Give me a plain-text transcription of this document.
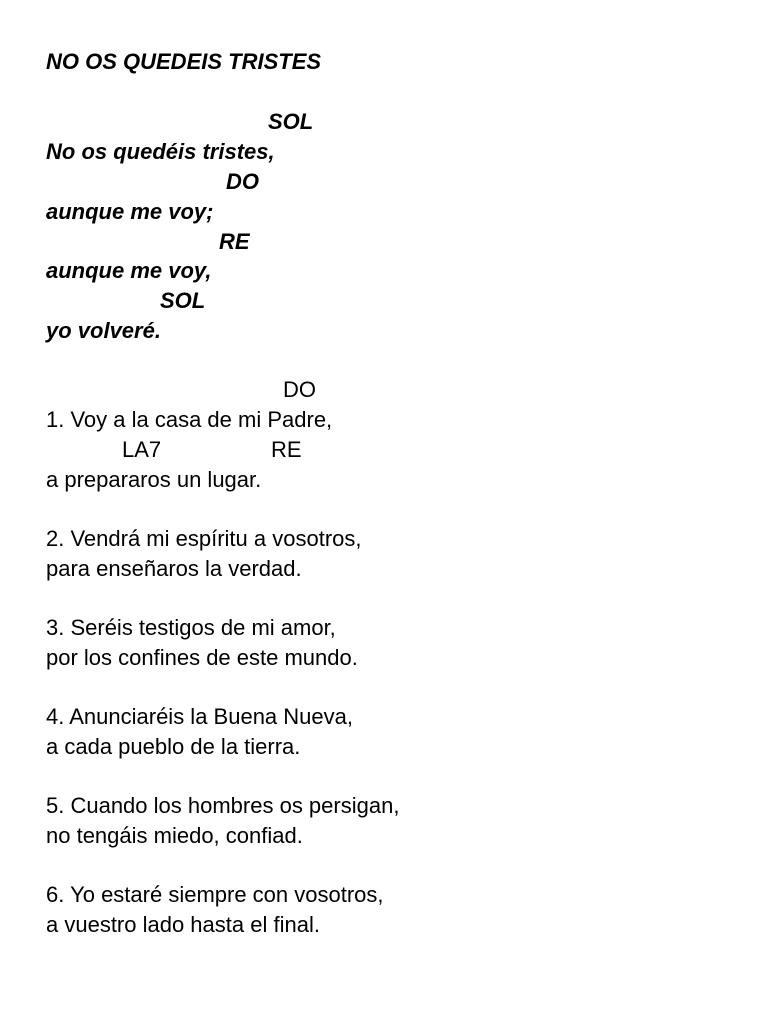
NO OS QUEDEIS TRISTES
SOL
No os quedéis tristes,
DO
aunque me voy;
RE
aunque me voy,
SOL
yo volveré.
DO
1. Voy a la casa de mi Padre,
LA7	RE
a prepararos un lugar.
2. Vendrá mi espíritu a vosotros,
para enseñaros la verdad.
3. Seréis testigos de mi amor,
por los confines de este mundo.
4. Anunciaréis la Buena Nueva,
a cada pueblo de la tierra.
5. Cuando los hombres os persigan,
no tengáis miedo, confiad.
6. Yo estaré siempre con vosotros,
a vuestro lado hasta el final.
